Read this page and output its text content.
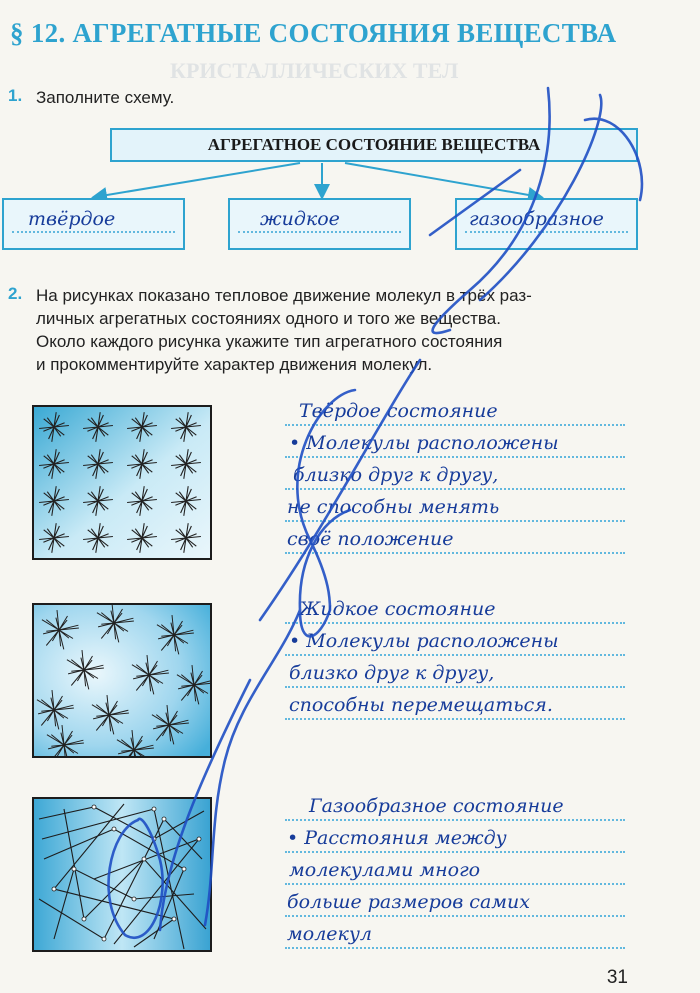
КРИСТАЛЛИЧЕСКИХ ТЕЛ
§ 12. АГРЕГАТНЫЕ СОСТОЯНИЯ ВЕЩЕСТВА
1. Заполните схему.
АГРЕГАТНОЕ СОСТОЯНИЕ ВЕЩЕСТВА
твёрдое	жидкое	газообразное
2. На рисунках показано тепловое движение молекул в трёх раз-
личных агрегатных состояниях одного и того же вещества.
Около каждого рисунка укажите тип агрегатного состояния
и прокомментируйте характер движения молекул.
Твёрдое состояние
• Молекулы расположены
близко друг к другу,
не способны менять
своё положение
Жидкое состояние
• Молекулы расположены
близко друг к другу,
способны перемещаться.
Газообразное состояние
• Расстояния между
молекулами много
больше размеров самих
молекул
31
